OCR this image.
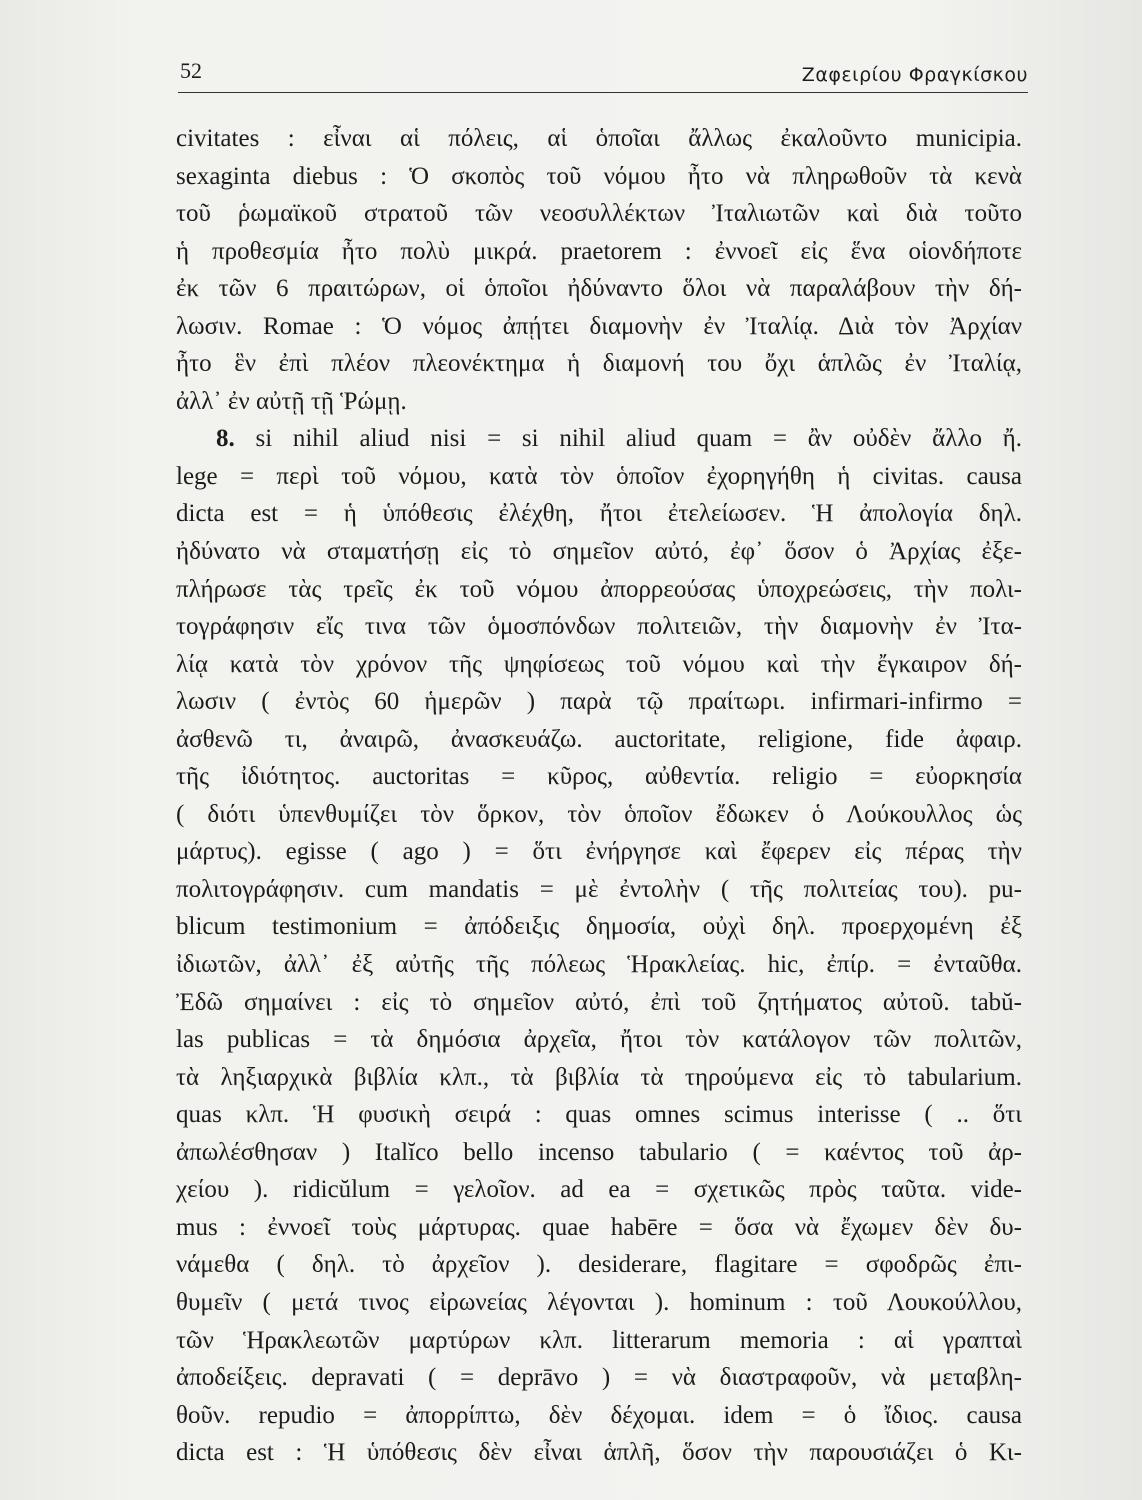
52	Ζαφειρίου Φραγκίσκου
civitates : εἶναι αἱ πόλεις, αἱ ὁποῖαι ἄλλως ἐκαλοῦντο municipia.
sexaginta diebus : Ὁ σκοπὸς τοῦ νόμου ἦτο νὰ πληρωθοῦν τὰ κενὰ
τοῦ ῥωμαϊκοῦ στρατοῦ τῶν νεοσυλλέκτων Ἰταλιωτῶν καὶ διὰ τοῦτο
ἡ προθεσμία ἦτο πολὺ μικρά. praetorem : ἐννοεῖ εἰς ἕνα οἱονδήποτε
ἐκ τῶν 6 πραιτώρων, οἱ ὁποῖοι ἠδύναντο ὅλοι νὰ παραλάβουν τὴν δή-
λωσιν. Romae : Ὁ νόμος ἀπῄτει διαμονὴν ἐν Ἰταλίᾳ. Διὰ τὸν Ἀρχίαν
ἦτο ἓν ἐπὶ πλέον πλεονέκτημα ἡ διαμονή του ὄχι ἁπλῶς ἐν Ἰταλίᾳ,
ἀλλ᾽ ἐν αὐτῇ τῇ Ῥώμῃ.
8. si nihil aliud nisi = si nihil aliud quam = ἂν οὐδὲν ἄλλο ἤ.
lege = περὶ τοῦ νόμου, κατὰ τὸν ὁποῖον ἐχορηγήθη ἡ civitas. causa
dicta est = ἡ ὑπόθεσις ἐλέχθη, ἤτοι ἐτελείωσεν. Ἡ ἀπολογία δηλ.
ἠδύνατο νὰ σταματήσῃ εἰς τὸ σημεῖον αὐτό, ἐφ᾽ ὅσον ὁ Ἀρχίας ἐξε-
πλήρωσε τὰς τρεῖς ἐκ τοῦ νόμου ἀπορρεούσας ὑποχρεώσεις, τὴν πολι-
τογράφησιν εἴς τινα τῶν ὁμοσπόνδων πολιτειῶν, τὴν διαμονὴν ἐν Ἰτα-
λίᾳ κατὰ τὸν χρόνον τῆς ψηφίσεως τοῦ νόμου καὶ τὴν ἔγκαιρον δή-
λωσιν ( ἐντὸς 60 ἡμερῶν ) παρὰ τῷ πραίτωρι. infirmari-infirmo =
ἀσθενῶ τι, ἀναιρῶ, ἀνασκευάζω. auctoritate, religione, fide ἀφαιρ.
τῆς ἰδιότητος. auctoritas = κῦρος, αὐθεντία. religio = εὐορκησία
( διότι ὑπενθυμίζει τὸν ὅρκον, τὸν ὁποῖον ἔδωκεν ὁ Λούκουλλος ὡς
μάρτυς). egisse ( ago ) = ὅτι ἐνήργησε καὶ ἔφερεν εἰς πέρας τὴν
πολιτογράφησιν. cum mandatis = μὲ ἐντολὴν ( τῆς πολιτείας του). pu-
blicum testimonium = ἀπόδειξις δημοσία, οὐχὶ δηλ. προερχομένη ἐξ
ἰδιωτῶν, ἀλλ᾽ ἐξ αὐτῆς τῆς πόλεως Ἡρακλείας. hic, ἐπίρ. = ἐνταῦθα.
Ἐδῶ σημαίνει : εἰς τὸ σημεῖον αὐτό, ἐπὶ τοῦ ζητήματος αὐτοῦ. tabŭ-
las publicas = τὰ δημόσια ἀρχεῖα, ἤτοι τὸν κατάλογον τῶν πολιτῶν,
τὰ ληξιαρχικὰ βιβλία κλπ., τὰ βιβλία τὰ τηρούμενα εἰς τὸ tabularium.
quas κλπ. Ἡ φυσικὴ σειρά : quas omnes scimus interisse ( .. ὅτι
ἀπωλέσθησαν ) Italĭco bello incenso tabulario ( = καέντος τοῦ ἀρ-
χείου ). ridicŭlum = γελοῖον. ad ea = σχετικῶς πρὸς ταῦτα. vide-
mus : ἐννοεῖ τοὺς μάρτυρας. quae habēre = ὅσα νὰ ἔχωμεν δὲν δυ-
νάμεθα ( δηλ. τὸ ἀρχεῖον ). desiderare, flagitare = σφοδρῶς ἐπι-
θυμεῖν ( μετά τινος εἰρωνείας λέγονται ). hominum : τοῦ Λουκούλλου,
τῶν Ἡρακλεωτῶν μαρτύρων κλπ. litterarum memoria : αἱ γραπταὶ
ἀποδείξεις. depravati ( = deprāvo ) = νὰ διαστραφοῦν, νὰ μεταβλη-
θοῦν. repudio = ἀπορρίπτω, δὲν δέχομαι. idem = ὁ ἴδιος. causa
dicta est : Ἡ ὑπόθεσις δὲν εἶναι ἁπλῆ, ὅσον τὴν παρουσιάζει ὁ Κι-
